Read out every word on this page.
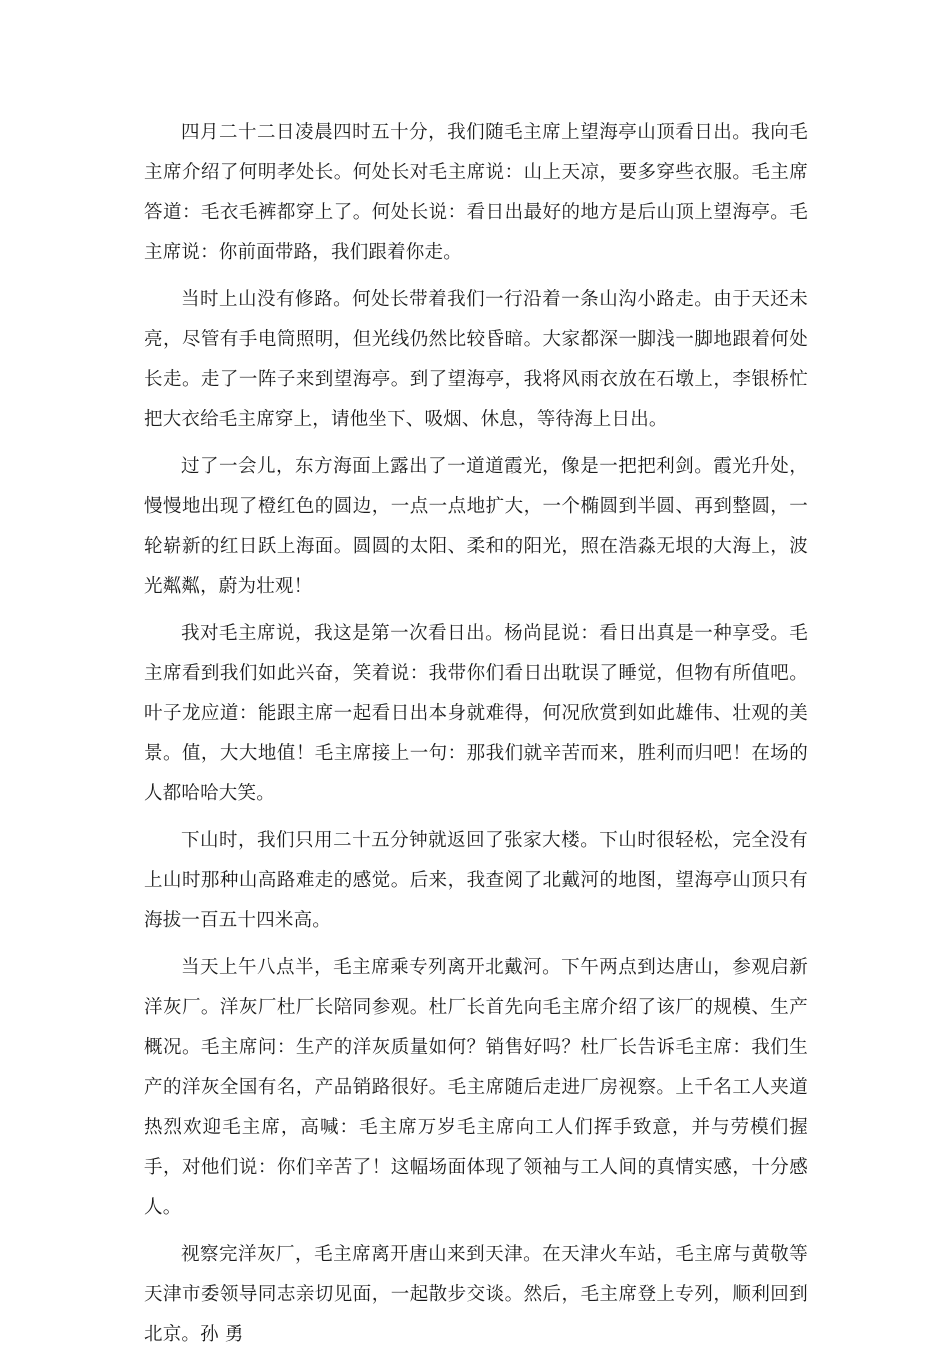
四月二十二日凌晨四时五十分，我们随毛主席上望海亭山顶看日出。我向毛主席介绍了何明孝处长。何处长对毛主席说：山上天凉，要多穿些衣服。毛主席答道：毛衣毛裤都穿上了。何处长说：看日出最好的地方是后山顶上望海亭。毛主席说：你前面带路，我们跟着你走。

当时上山没有修路。何处长带着我们一行沿着一条山沟小路走。由于天还未亮，尽管有手电筒照明，但光线仍然比较昏暗。大家都深一脚浅一脚地跟着何处长走。走了一阵子来到望海亭。到了望海亭，我将风雨衣放在石墩上，李银桥忙把大衣给毛主席穿上，请他坐下、吸烟、休息，等待海上日出。

过了一会儿，东方海面上露出了一道道霞光，像是一把把利剑。霞光升处，慢慢地出现了橙红色的圆边，一点一点地扩大，一个椭圆到半圆、再到整圆，一轮崭新的红日跃上海面。圆圆的太阳、柔和的阳光，照在浩淼无垠的大海上，波光粼粼，蔚为壮观！

我对毛主席说，我这是第一次看日出。杨尚昆说：看日出真是一种享受。毛主席看到我们如此兴奋，笑着说：我带你们看日出耽误了睡觉，但物有所值吧。叶子龙应道：能跟主席一起看日出本身就难得，何况欣赏到如此雄伟、壮观的美景。值，大大地值！毛主席接上一句：那我们就辛苦而来，胜利而归吧！在场的人都哈哈大笑。

下山时，我们只用二十五分钟就返回了张家大楼。下山时很轻松，完全没有上山时那种山高路难走的感觉。后来，我查阅了北戴河的地图，望海亭山顶只有海拔一百五十四米高。

当天上午八点半，毛主席乘专列离开北戴河。下午两点到达唐山，参观启新洋灰厂。洋灰厂杜厂长陪同参观。杜厂长首先向毛主席介绍了该厂的规模、生产概况。毛主席问：生产的洋灰质量如何？销售好吗？杜厂长告诉毛主席：我们生产的洋灰全国有名，产品销路很好。毛主席随后走进厂房视察。上千名工人夹道热烈欢迎毛主席，高喊：毛主席万岁毛主席向工人们挥手致意，并与劳模们握手，对他们说：你们辛苦了！这幅场面体现了领袖与工人间的真情实感，十分感人。

视察完洋灰厂，毛主席离开唐山来到天津。在天津火车站，毛主席与黄敬等天津市委领导同志亲切见面，一起散步交谈。然后，毛主席登上专列，顺利回到北京。孙 勇
